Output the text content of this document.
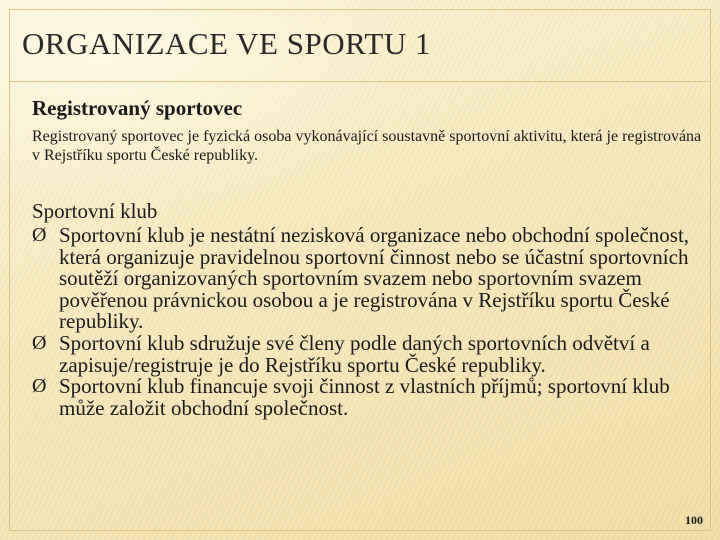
ORGANIZACE VE SPORTU 1
Registrovaný sportovec
Registrovaný sportovec je fyzická osoba vykonávající soustavně sportovní aktivitu, která je registrována v Rejstříku sportu České republiky.
Sportovní klub
Ø Sportovní klub je nestátní nezisková organizace nebo obchodní společnost, která organizuje pravidelnou sportovní činnost nebo se účastní sportovních soutěží organizovaných sportovním svazem nebo sportovním svazem pověřenou právnickou osobou a je registrována v Rejstříku sportu České republiky.
Ø Sportovní klub sdružuje své členy podle daných sportovních odvětví a zapisuje/registruje je do Rejstříku sportu České republiky.
Ø Sportovní klub financuje svoji činnost z vlastních příjmů; sportovní klub může založit obchodní společnost.
100
